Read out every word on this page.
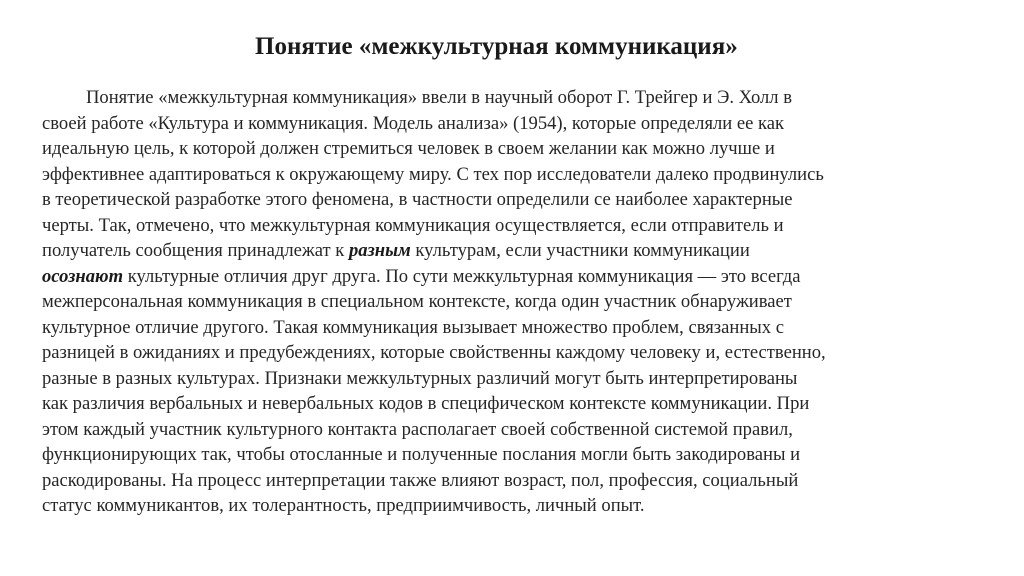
Понятие «межкультурная коммуникация»
Понятие «межкультурная коммуникация» ввели в научный оборот Г. Трейгер и Э. Холл в
своей работе «Культура и коммуникация. Модель анализа» (1954), которые определяли ее как
идеальную цель, к которой должен стремиться человек в своем желании как можно лучше и
эффективнее адаптироваться к окружающему миру. С тех пор исследователи далеко продвинулись
в теоретической разработке этого феномена, в частности определили се наиболее характерные
черты. Так, отмечено, что межкультурная коммуникация осуществляется, если отправитель и
получатель сообщения принадлежат к разным культурам, если участники коммуникации
осознают культурные отличия друг друга. По сути межкультурная коммуникация — это всегда
межперсональная коммуникация в специальном контексте, когда один участник обнаруживает
культурное отличие другого. Такая коммуникация вызывает множество проблем, связанных с
разницей в ожиданиях и предубеждениях, которые свойственны каждому человеку и, естественно,
разные в разных культурах. Признаки межкультурных различий могут быть интерпретированы
как различия вербальных и невербальных кодов в специфическом контексте коммуникации. При
этом каждый участник культурного контакта располагает своей собственной системой правил,
функционирующих так, чтобы отосланные и полученные послания могли быть закодированы и
раскодированы. На процесс интерпретации также влияют возраст, пол, профессия, социальный
статус коммуникантов, их толерантность, предприимчивость, личный опыт.
